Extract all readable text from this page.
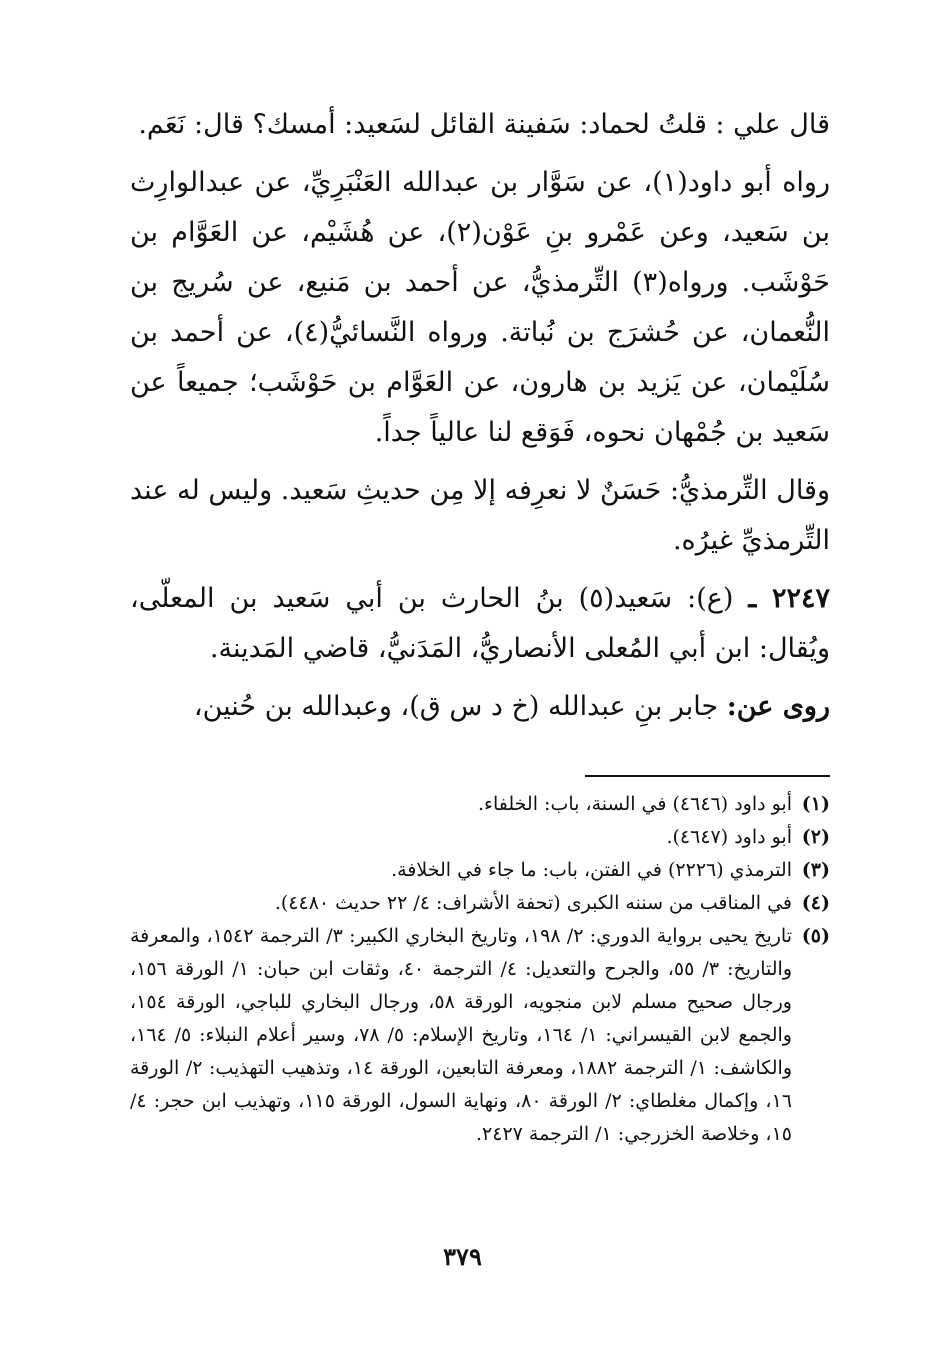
قال علي : قلتُ لحماد: سَفينة القائل لسَعيد: أمسك؟ قال: نَعَم.

رواه أبو داود(١)، عن سَوَّار بن عبدالله العَنْبَرِيِّ، عن عبدالوارِث بن سَعيد، وعن عَمْرو بنِ عَوْن(٢)، عن هُشَيْم، عن العَوَّام بن حَوْشَب. ورواه(٣) التِّرمذيُّ، عن أحمد بن مَنيع، عن سُريج بن النُّعمان، عن حُشرَج بن نُباتة. ورواه النَّسائيُّ(٤)، عن أحمد بن سُلَيْمان، عن يَزيد بن هارون، عن العَوَّام بن حَوْشَب؛ جميعاً عن سَعيد بن جُمْهان نحوه، فَوَقع لنا عالياً جداً.

وقال التِّرمذيُّ: حَسَنٌ لا نعرِفه إلا مِن حديثِ سَعيد. وليس له عند التِّرمذيِّ غيرُه.

٢٢٤٧ ـ (ع): سَعيد(٥) بنُ الحارث بن أبي سَعيد بن المعلّى، ويُقال: ابن أبي المُعلى الأنصاريُّ، المَدَنيُّ، قاضي المَدينة.

روى عن: جابر بنِ عبدالله (خ د س ق)، وعبدالله بن حُنين،

(١)أبو داود (٤٦٤٦) في السنة، باب: الخلفاء.

(٢)أبو داود (٤٦٤٧).

(٣)الترمذي (٢٢٢٦) في الفتن، باب: ما جاء في الخلافة.

(٤)في المناقب من سننه الكبرى (تحفة الأشراف: ٤/ ٢٢ حديث ٤٤٨٠).

(٥)تاريخ يحيى برواية الدوري: ٢/ ١٩٨، وتاريخ البخاري الكبير: ٣/ الترجمة ١٥٤٢، والمعرفة والتاريخ: ٣/ ٥٥، والجرح والتعديل: ٤/ الترجمة ٤٠، وثقات ابن حبان: ١/ الورقة ١٥٦، ورجال صحيح مسلم لابن منجويه، الورقة ٥٨، ورجال البخاري للباجي، الورقة ١٥٤، والجمع لابن القيسراني: ١/ ١٦٤، وتاريخ الإسلام: ٥/ ٧٨، وسير أعلام النبلاء: ٥/ ١٦٤، والكاشف: ١/ الترجمة ١٨٨٢، ومعرفة التابعين، الورقة ١٤، وتذهيب التهذيب: ٢/ الورقة ١٦، وإكمال مغلطاي: ٢/ الورقة ٨٠، ونهاية السول، الورقة ١١٥، وتهذيب ابن حجر: ٤/ ١٥، وخلاصة الخزرجي: ١/ الترجمة ٢٤٢٧.

٣٧٩
